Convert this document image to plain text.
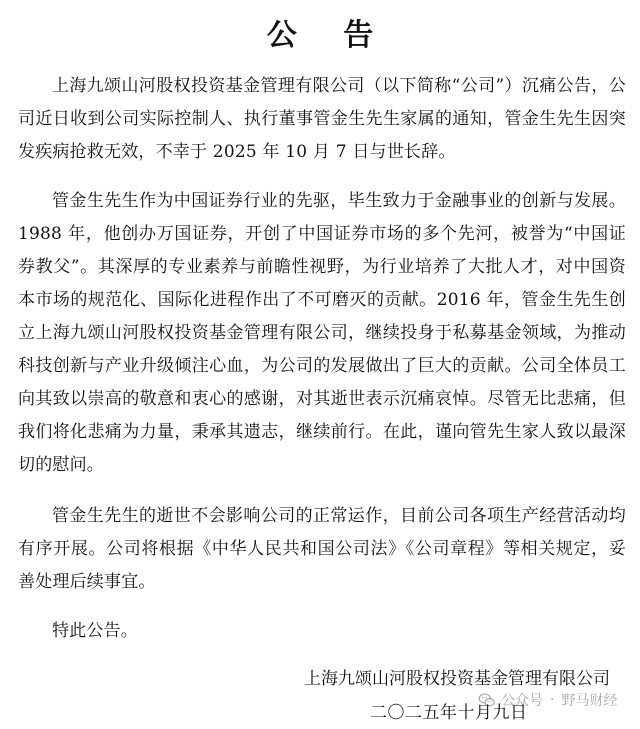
公 告

上海九颂山河股权投资基金管理有限公司（以下简称“公司”）沉痛公告，公司近日收到公司实际控制人、执行董事管金生先生家属的通知，管金生先生因突发疾病抢救无效，不幸于 2025 年 10 月 7 日与世长辞。

管金生先生作为中国证券行业的先驱，毕生致力于金融事业的创新与发展。1988 年，他创办万国证券，开创了中国证券市场的多个先河，被誉为“中国证券教父”。其深厚的专业素养与前瞻性视野，为行业培养了大批人才，对中国资本市场的规范化、国际化进程作出了不可磨灭的贡献。2016 年，管金生先生创立上海九颂山河股权投资基金管理有限公司，继续投身于私募基金领域，为推动科技创新与产业升级倾注心血，为公司的发展做出了巨大的贡献。公司全体员工向其致以崇高的敬意和衷心的感谢，对其逝世表示沉痛哀悼。尽管无比悲痛，但我们将化悲痛为力量，秉承其遗志，继续前行。在此，谨向管先生家人致以最深切的慰问。

管金生先生的逝世不会影响公司的正常运作，目前公司各项生产经营活动均有序开展。公司将根据《中华人民共和国公司法》《公司章程》等相关规定，妥善处理后续事宜。

特此公告。

上海九颂山河股权投资基金管理有限公司
公众号 · 野马财经
二〇二五年十月九日
